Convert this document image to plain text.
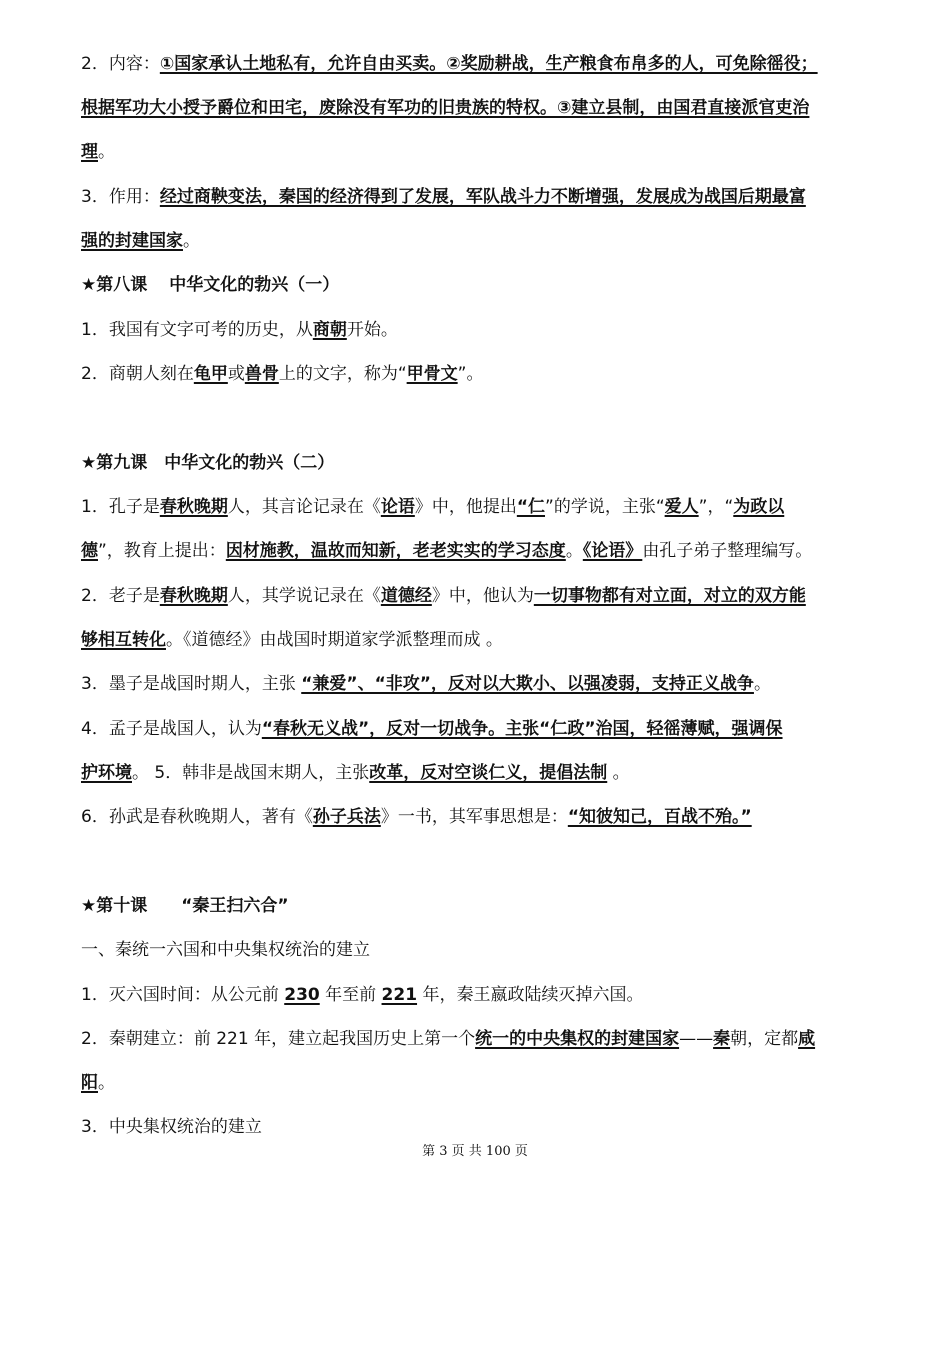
2．内容：①国家承认土地私有，允许自由买卖。②奖励耕战，生产粮食布帛多的人，可免除徭役；
根据军功大小授予爵位和田宅，废除没有军功的旧贵族的特权。③建立县制，由国君直接派官吏治
理。
3．作用：经过商鞅变法，秦国的经济得到了发展，军队战斗力不断增强，发展成为战国后期最富
强的封建国家。
★第八课 中华文化的勃兴（一）
1．我国有文字可考的历史，从商朝开始。
2．商朝人刻在龟甲或兽骨上的文字，称为“甲骨文”。
★第九课　中华文化的勃兴（二）
1．孔子是春秋晚期人，其言论记录在《论语》中，他提出“仁”的学说，主张“爱人”，“为政以
德”，教育上提出：因材施教，温故而知新，老老实实的学习态度。《论语》由孔子弟子整理编写。
2．老子是春秋晚期人，其学说记录在《道德经》中，他认为一切事物都有对立面，对立的双方能
够相互转化。《道德经》由战国时期道家学派整理而成 。
3．墨子是战国时期人，主张 “兼爱”、“非攻”，反对以大欺小、以强凌弱，支持正义战争。
4．孟子是战国人，认为“春秋无义战”，反对一切战争。主张“仁政”治国，轻徭薄赋，强调保
护环境。 5．韩非是战国末期人，主张改革，反对空谈仁义，提倡法制 。
6．孙武是春秋晚期人，著有《孙子兵法》一书，其军事思想是：“知彼知己，百战不殆。”
★第十课 “秦王扫六合”
一、秦统一六国和中央集权统治的建立
1．灭六国时间：从公元前 230 年至前 221 年，秦王嬴政陆续灭掉六国。
2．秦朝建立：前 221 年，建立起我国历史上第一个统一的中央集权的封建国家——秦朝，定都咸
阳。
3．中央集权统治的建立
第 3 页 共 100 页
